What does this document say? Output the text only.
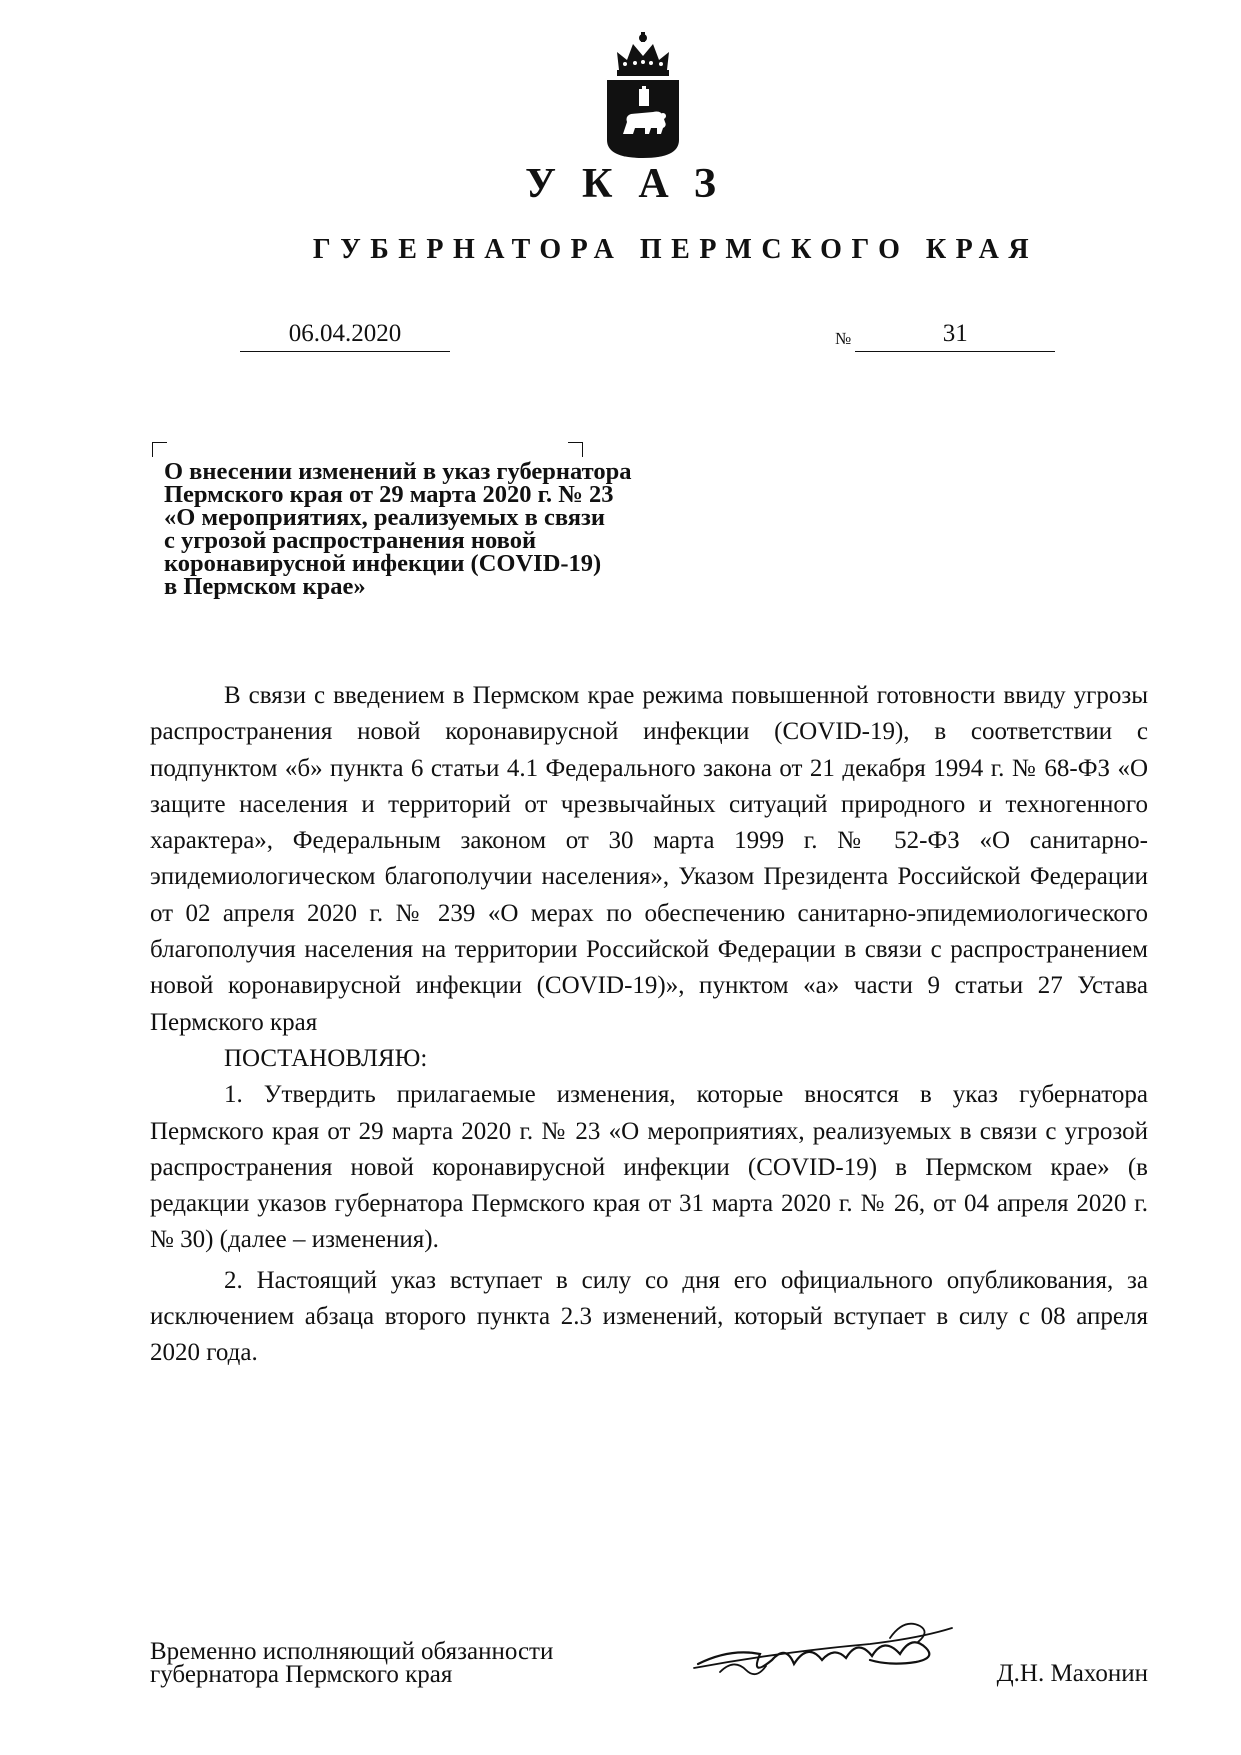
УКАЗ
ГУБЕРНАТОРА ПЕРМСКОГО КРАЯ
06.04.2020	№	31
О внесении изменений в указ губернатора
Пермского края от 29 марта 2020 г. № 23
«О мероприятиях, реализуемых в связи
с угрозой распространения новой
коронавирусной инфекции (COVID-19)
в Пермском крае»

В связи с введением в Пермском крае режима повышенной готовности ввиду угрозы распространения новой коронавирусной инфекции (COVID-19), в соответствии с подпунктом «б» пункта 6 статьи 4.1 Федерального закона от 21 декабря 1994 г. № 68-ФЗ «О защите населения и территорий от чрезвычайных ситуаций природного и техногенного характера», Федеральным законом от 30 марта 1999 г. № 52-ФЗ «О санитарно-эпидемиологическом благополучии населения», Указом Президента Российской Федерации от 02 апреля 2020 г. № 239 «О мерах по обеспечению санитарно-эпидемиологического благополучия населения на территории Российской Федерации в связи с распространением новой коронавирусной инфекции (COVID-19)», пунктом «а» части 9 статьи 27 Устава Пермского края

ПОСТАНОВЛЯЮ:

1. Утвердить прилагаемые изменения, которые вносятся в указ губернатора Пермского края от 29 марта 2020 г. № 23 «О мероприятиях, реализуемых в связи с угрозой распространения новой коронавирусной инфекции (COVID-19) в Пермском крае» (в редакции указов губернатора Пермского края от 31 марта 2020 г. № 26, от 04 апреля 2020 г. № 30) (далее – изменения).

2. Настоящий указ вступает в силу со дня его официального опубликования, за исключением абзаца второго пункта 2.3 изменений, который вступает в силу с 08 апреля 2020 года.

Временно исполняющий обязанности
губернатора Пермского края	Д.Н. Махонин
